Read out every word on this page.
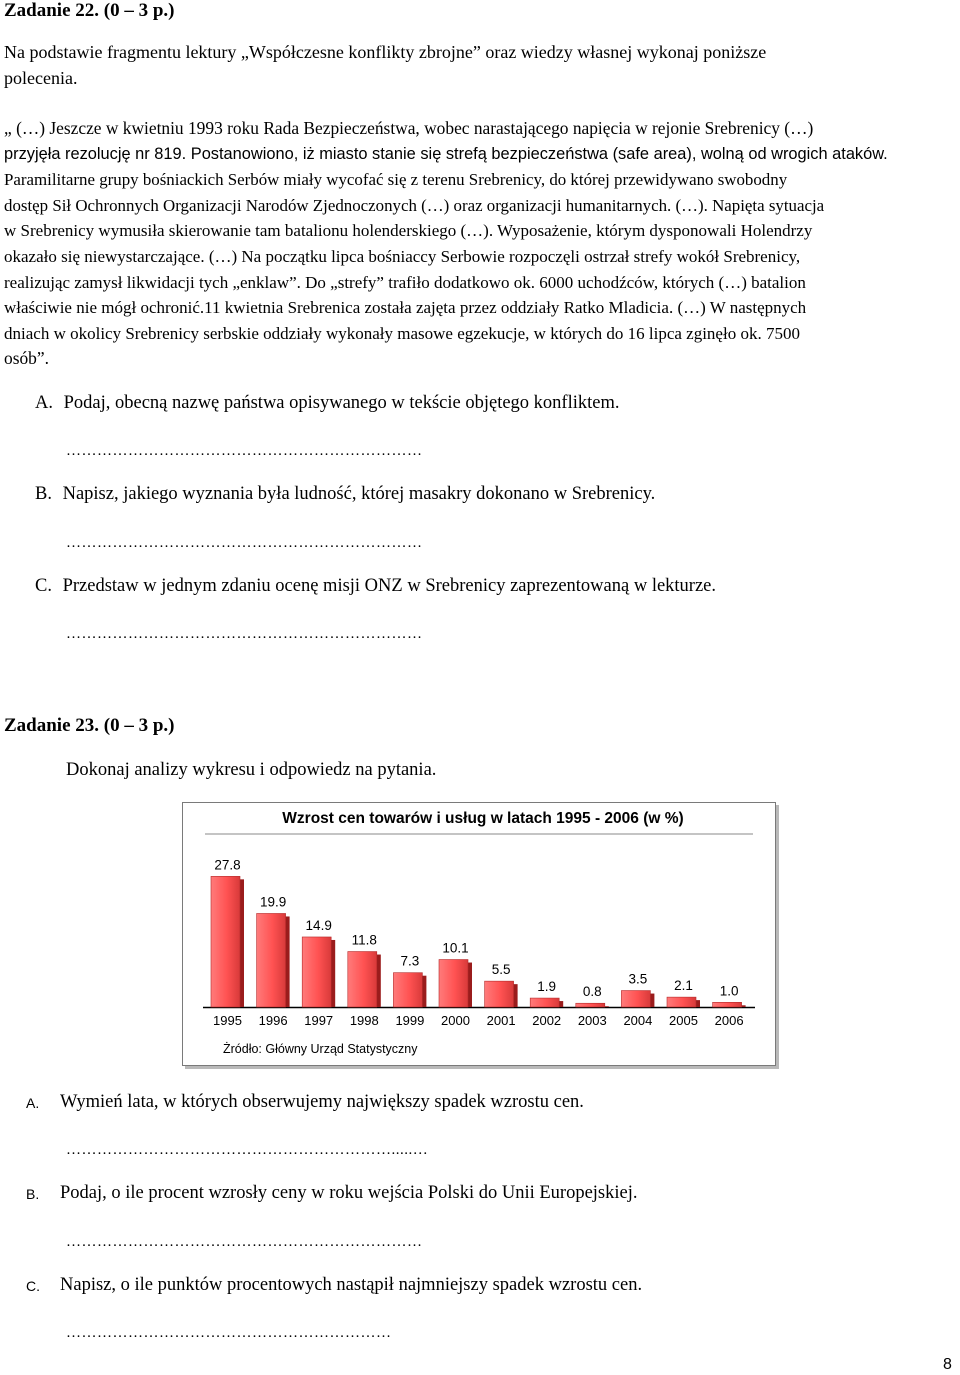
Zadanie 22. (0 – 3 p.)
Na podstawie fragmentu lektury „Współczesne konflikty zbrojne” oraz wiedzy własnej wykonaj poniższe
polecenia.
„ (…) Jeszcze w kwietniu 1993 roku Rada Bezpieczeństwa, wobec narastającego napięcia w rejonie Srebrenicy (…)
przyjęła rezolucję nr 819. Postanowiono, iż miasto stanie się strefą bezpieczeństwa (safe area), wolną od wrogich ataków.
Paramilitarne grupy bośniackich Serbów miały wycofać się z terenu Srebrenicy, do której przewidywano swobodny
dostęp Sił Ochronnych Organizacji Narodów Zjednoczonych (…) oraz organizacji humanitarnych. (…). Napięta sytuacja
w Srebrenicy wymusiła skierowanie tam batalionu holenderskiego (…). Wyposażenie, którym dysponowali Holendrzy
okazało się niewystarczające. (…) Na początku lipca bośniaccy Serbowie rozpoczęli ostrzał strefy wokół Srebrenicy,
realizując zamysł likwidacji tych „enklaw”. Do „strefy” trafiło dodatkowo ok. 6000 uchodźców, których (…) batalion
właściwie nie mógł ochronić.11 kwietnia Srebrenica została zajęta przez oddziały Ratko Mladicia. (…) W następnych
dniach w okolicy Srebrenicy serbskie oddziały wykonały masowe egzekucje, w których do 16 lipca zginęło ok. 7500
osób”.
A. Podaj, obecną nazwę państwa opisywanego w tekście objętego konfliktem.
……………………………………………………………
B. Napisz, jakiego wyznania była ludność, której masakry dokonano w Srebrenicy.
……………………………………………………………
C. Przedstaw w jednym zdaniu ocenę misji ONZ w Srebrenicy zaprezentowaną w lekturze.
……………………………………………………………
Zadanie 23. (0 – 3 p.)
Dokonaj analizy wykresu i odpowiedz na pytania.
Wzrost cen towarów i usług w latach 1995 - 2006 (w %)
27.8
1995
19.9
1996
14.9
1997
11.8
1998
7.3
1999
10.1
2000
5.5
2001
1.9
2002
0.8
2003
3.5
2004
2.1
2005
1.0
2006
Żródło: Główny Urząd Statystyczny
A. Wymień lata, w których obserwujemy największy spadek wzrostu cen.
……………………………………………………….....…
B. Podaj, o ile procent wzrosły ceny w roku wejścia Polski do Unii Europejskiej.
……………………………………………………………
C. Napisz, o ile punktów procentowych nastąpił najmniejszy spadek wzrostu cen.
………………………………………………………
8
